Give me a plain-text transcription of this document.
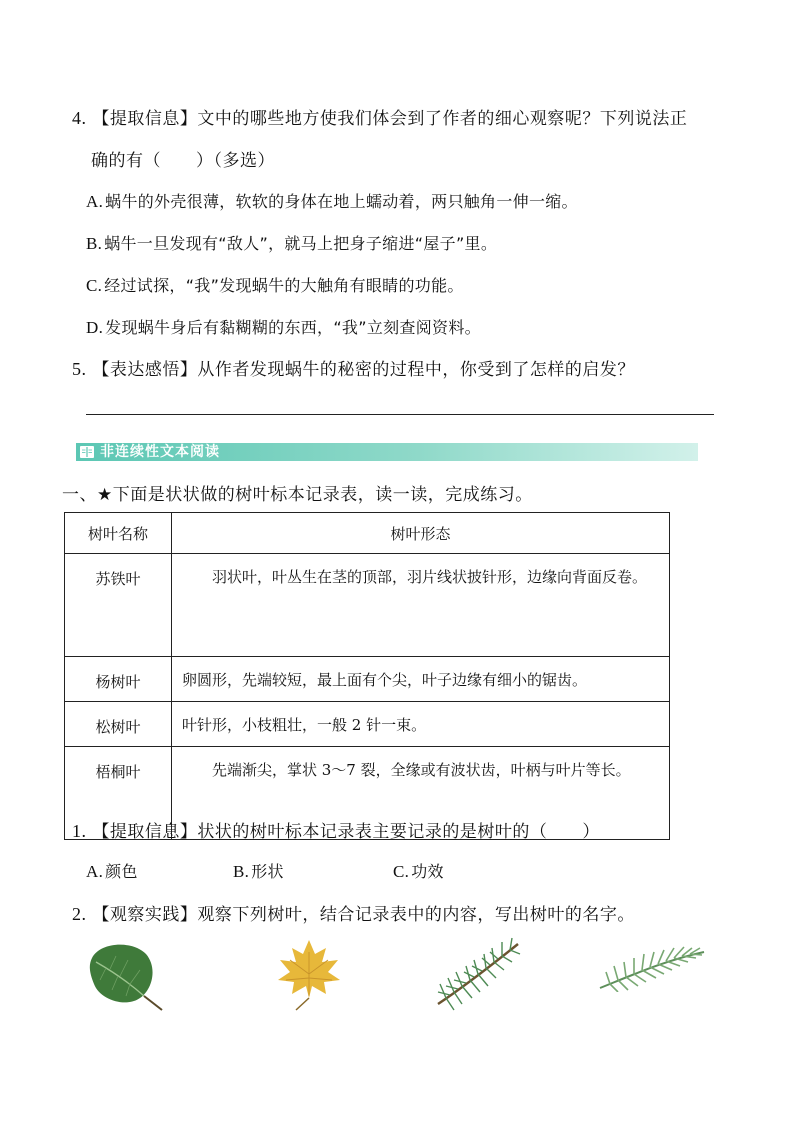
4. 【提取信息】文中的哪些地方使我们体会到了作者的细心观察呢？下列说法正
确的有（　　）（多选）
A. 蜗牛的外壳很薄，软软的身体在地上蠕动着，两只触角一伸一缩。
B. 蜗牛一旦发现有“敌人”，就马上把身子缩进“屋子”里。
C. 经过试探，“我”发现蜗牛的大触角有眼睛的功能。
D. 发现蜗牛身后有黏糊糊的东西，“我”立刻查阅资料。
5. 【表达感悟】从作者发现蜗牛的秘密的过程中，你受到了怎样的启发？
非连续性文本阅读
一、★下面是状状做的树叶标本记录表，读一读，完成练习。
树叶名称	树叶形态
苏铁叶	羽状叶，叶丛生在茎的顶部，羽片线状披针形，边缘向背面反卷。
杨树叶	卵圆形，先端较短，最上面有个尖，叶子边缘有细小的锯齿。
松树叶	叶针形，小枝粗壮，一般 2 针一束。
梧桐叶	先端渐尖，掌状 3～7 裂，全缘或有波状齿，叶柄与叶片等长。
1. 【提取信息】状状的树叶标本记录表主要记录的是树叶的（　　）
A. 颜色	B. 形状	C. 功效
2. 【观察实践】观察下列树叶，结合记录表中的内容，写出树叶的名字。
